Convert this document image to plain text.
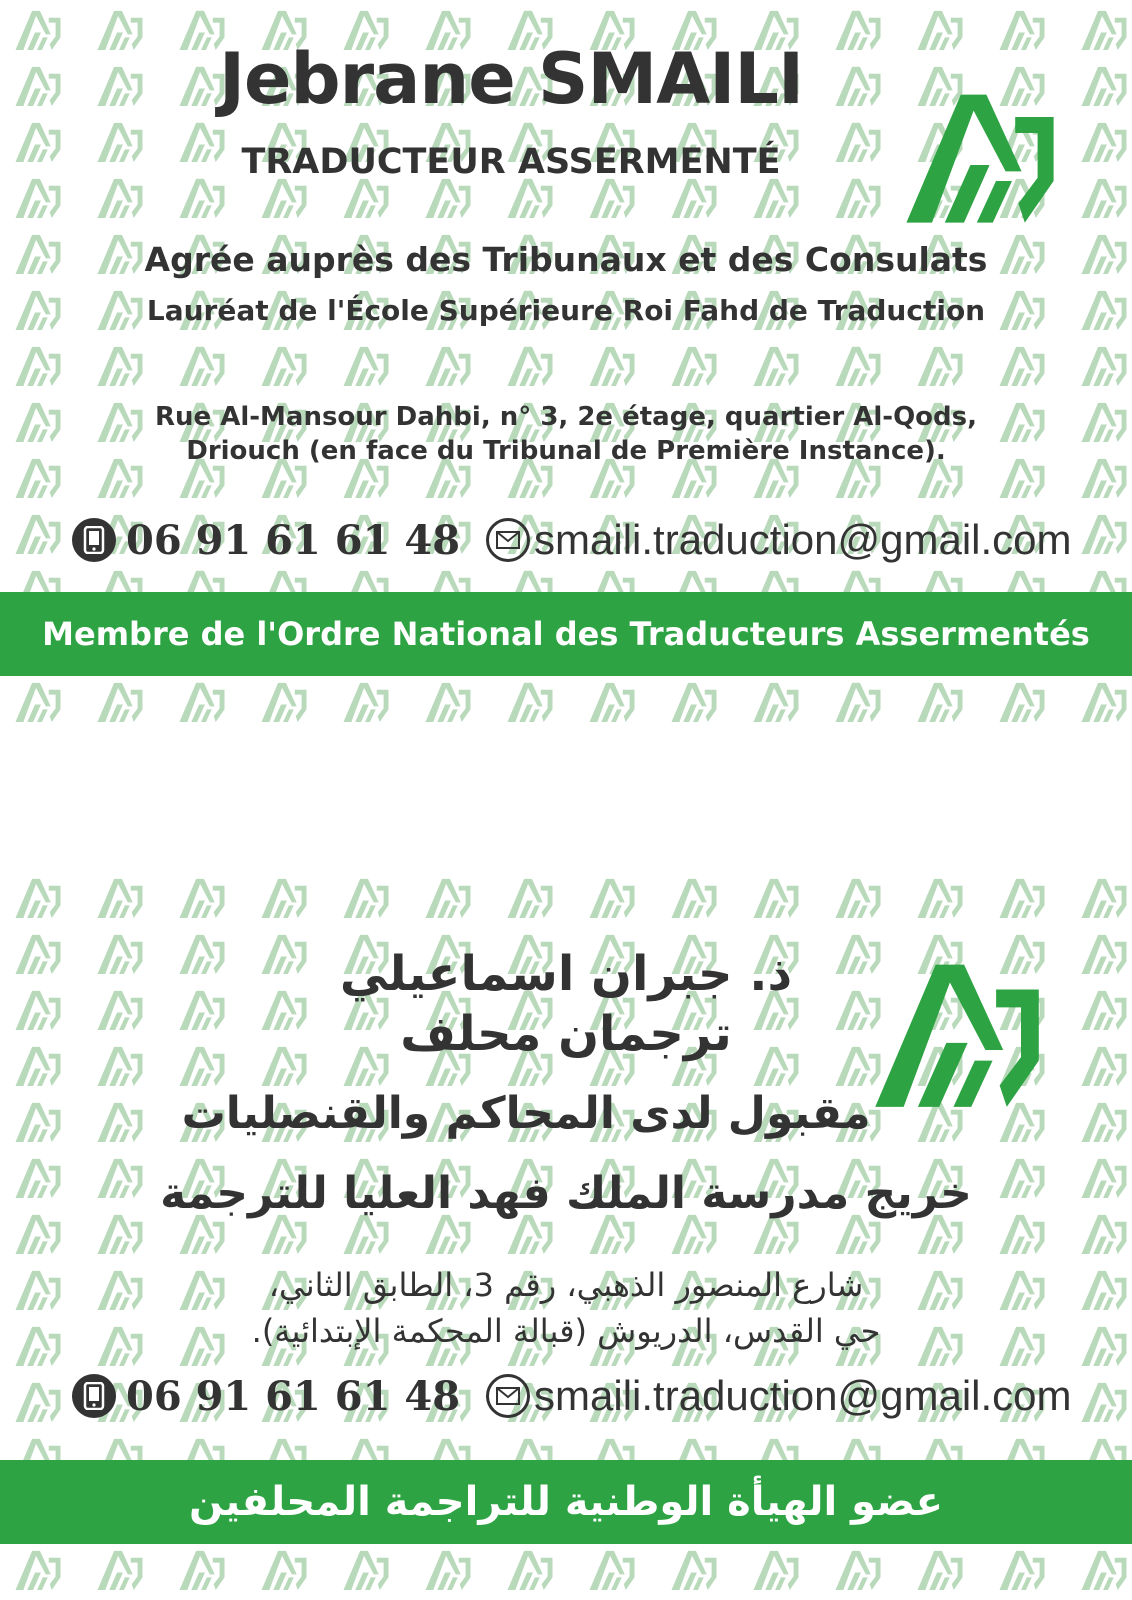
Jebrane SMAILI
TRADUCTEUR ASSERMENTÉ
Agrée auprès des Tribunaux et des Consulats
Lauréat de l'École Supérieure Roi Fahd de Traduction
Rue Al-Mansour Dahbi, n° 3, 2e étage, quartier Al-Qods,
Driouch (en face du Tribunal de Première Instance).
06 91 61 61 48 smaili.traduction@gmail.com
Membre de l'Ordre National des Traducteurs Assermentés
ذ. جبران اسماعيلي
ترجمان محلف
مقبول لدى المحاكم والقنصليات
خريج مدرسة الملك فهد العليا للترجمة
شارع المنصور الذهبي، رقم 3، الطابق الثاني،
حي القدس، الدريوش (قبالة المحكمة الإبتدائية).
06 91 61 61 48 smaili.traduction@gmail.com
عضو الهيأة الوطنية للتراجمة المحلفين
